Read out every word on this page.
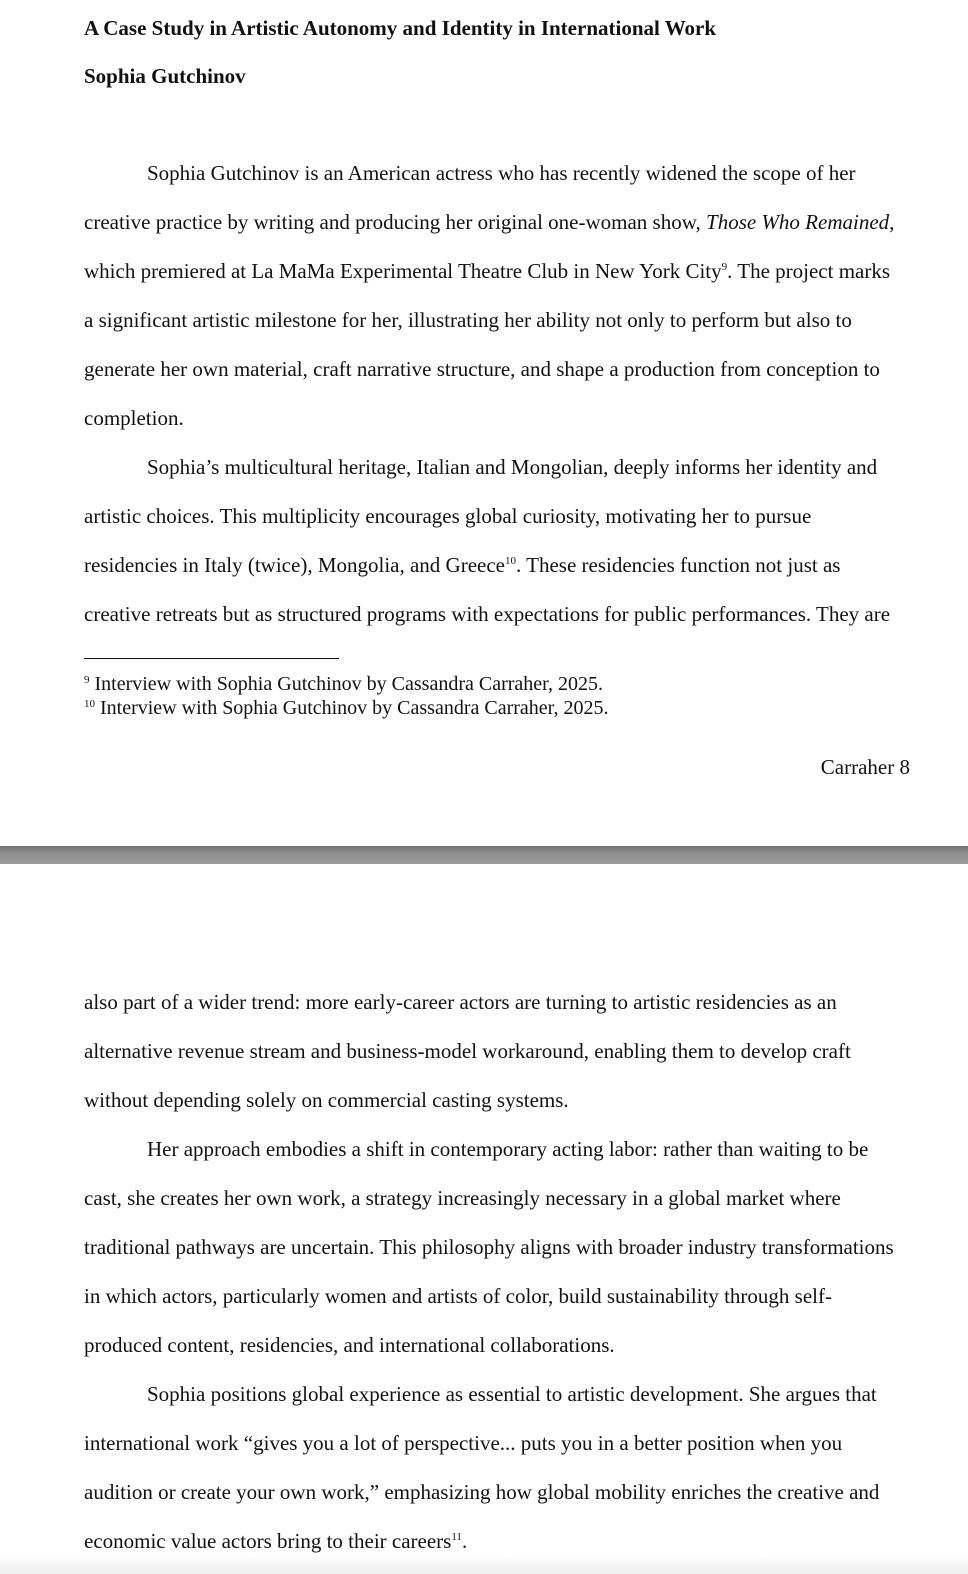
A Case Study in Artistic Autonomy and Identity in International Work
Sophia Gutchinov

Sophia Gutchinov is an American actress who has recently widened the scope of her creative practice by writing and producing her original one-woman show, Those Who Remained, which premiered at La MaMa Experimental Theatre Club in New York City$^9$. The project marks a significant artistic milestone for her, illustrating her ability not only to perform but also to generate her own material, craft narrative structure, and shape a production from conception to completion.

Sophia’s multicultural heritage, Italian and Mongolian, deeply informs her identity and artistic choices. This multiplicity encourages global curiosity, motivating her to pursue residencies in Italy (twice), Mongolia, and Greece$^{10}$. These residencies function not just as creative retreats but as structured programs with expectations for public performances. They are

$^9$ Interview with Sophia Gutchinov by Cassandra Carraher, 2025.
$^{10}$ Interview with Sophia Gutchinov by Cassandra Carraher, 2025.
Carraher 8

also part of a wider trend: more early-career actors are turning to artistic residencies as an alternative revenue stream and business-model workaround, enabling them to develop craft without depending solely on commercial casting systems.

Her approach embodies a shift in contemporary acting labor: rather than waiting to be cast, she creates her own work, a strategy increasingly necessary in a global market where traditional pathways are uncertain. This philosophy aligns with broader industry transformations in which actors, particularly women and artists of color, build sustainability through self-produced content, residencies, and international collaborations.

Sophia positions global experience as essential to artistic development. She argues that international work “gives you a lot of perspective... puts you in a better position when you audition or create your own work,” emphasizing how global mobility enriches the creative and economic value actors bring to their careers$^{11}$.
